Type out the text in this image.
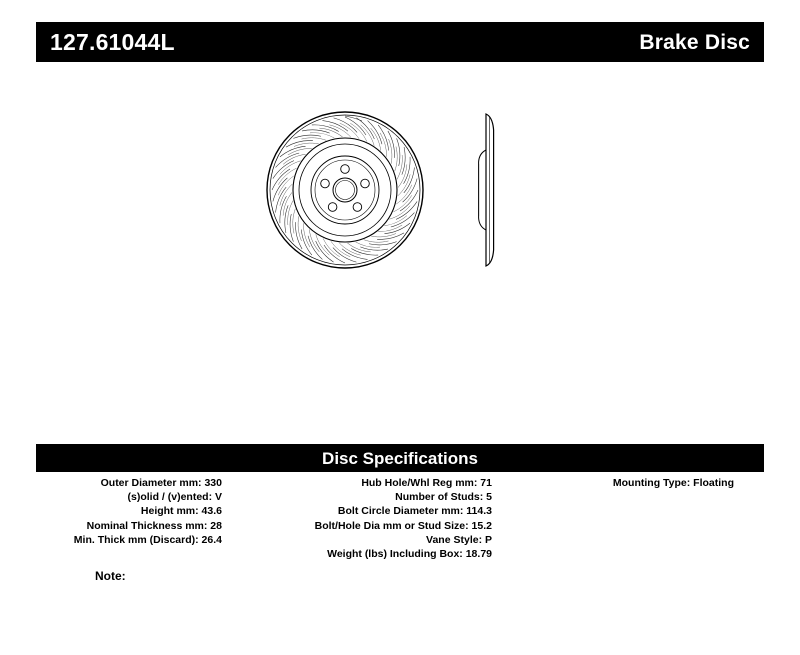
127.61044L	Brake Disc
Disc Specifications
Outer Diameter mm: 330
(s)olid / (v)ented: V
Height mm: 43.6
Nominal Thickness mm: 28
Min. Thick mm (Discard): 26.4
Hub Hole/Whl Reg mm: 71
Number of Studs: 5
Bolt Circle Diameter mm: 114.3
Bolt/Hole Dia mm or Stud Size: 15.2
Vane Style: P
Weight (lbs) Including Box: 18.79
Mounting Type: Floating
Note:
